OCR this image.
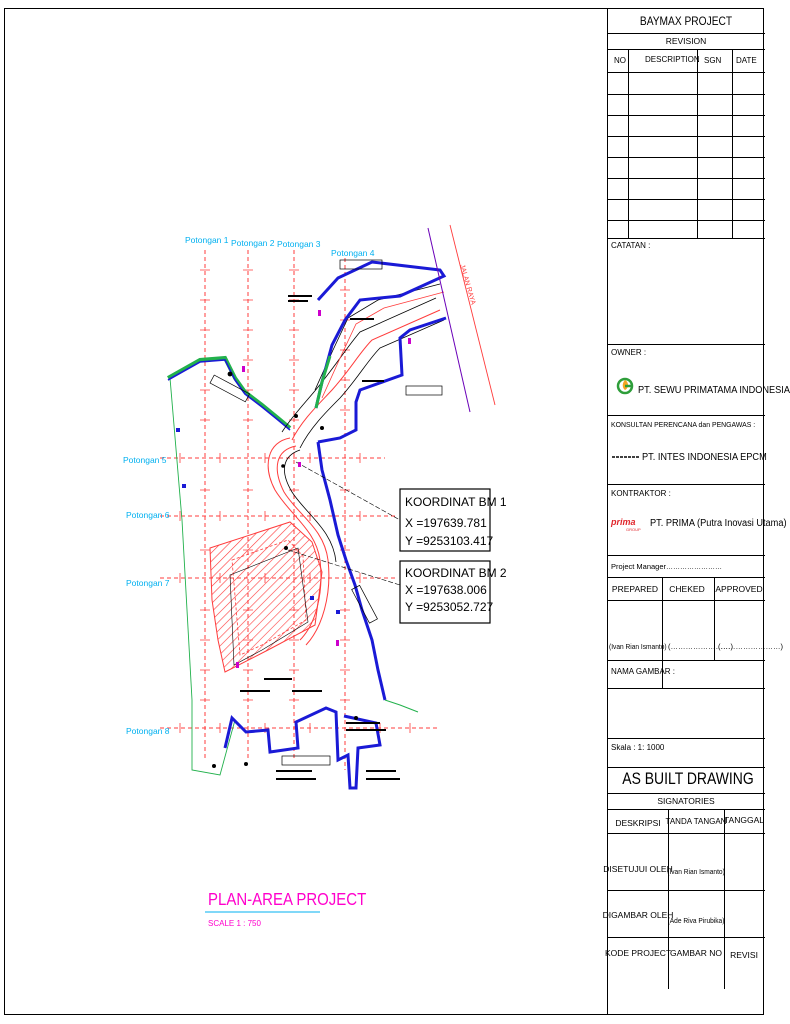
JALAN RAYA
Potongan 1 Potongan 2 Potongan 3
Potongan 4
Potongan 5
Potongan 6
Potongan 7
Potongan 8
KOORDINAT BM 1
X =197639.781
Y =9253103.417
KOORDINAT BM 2
X =197638.006
Y =9253052.727
PLAN-AREA PROJECT
SCALE 1 : 750
BAYMAX PROJECT
REVISION
NO DESCRIPTION SGN DATE
CATATAN :
OWNER :
PT. SEWU PRIMATAMA INDONESIA
KONSULTAN PERENCANA dan PENGAWAS :
PT. INTES INDONESIA EPCM
KONTRAKTOR :
prima
GROUP
PT. PRIMA (Putra Inovasi Utama)
Project Manager ……………………
PREPARED CHEKED APPROVED
(Ivan Rian Ismanto) (……………………)
(……………………)
NAMA GAMBAR :
Skala : 1: 1000
AS BUILT DRAWING
SIGNATORIES
DESKRIPSI TANDA TANGAN
TANGGAL
DISETUJUI OLEH
(Ivan Rian Ismanto)
DIGAMBAR OLEH
(Ade Riva Pirubika)
KODE PROJECT
GAMBAR NO REVISI
